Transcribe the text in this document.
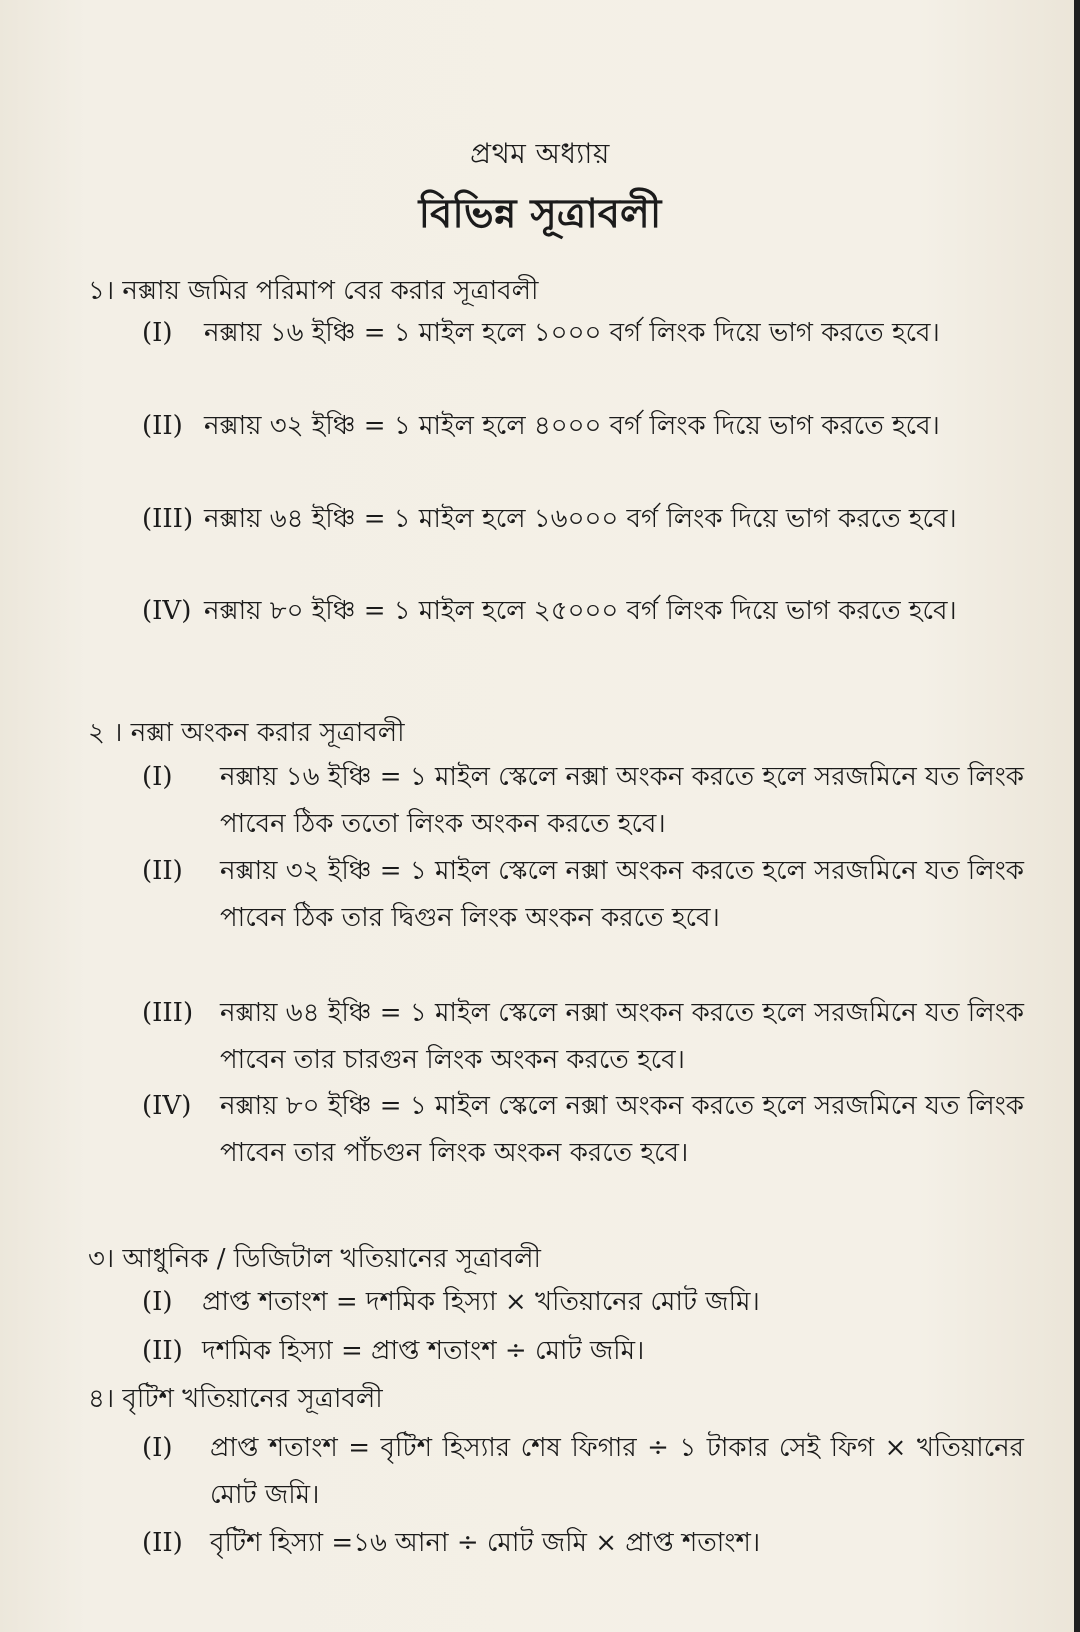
প্রথম অধ্যায়
বিভিন্ন সূত্রাবলী
১। নক্সায় জমির পরিমাপ বের করার সূত্রাবলী
(I)	নক্সায় ১৬ ইঞ্চি = ১ মাইল হলে ১০০০ বর্গ লিংক দিয়ে ভাগ করতে হবে।
(II) নক্সায় ৩২ ইঞ্চি = ১ মাইল হলে ৪০০০ বর্গ লিংক দিয়ে ভাগ করতে হবে।
(III) নক্সায় ৬৪ ইঞ্চি = ১ মাইল হলে ১৬০০০ বর্গ লিংক দিয়ে ভাগ করতে হবে।
(IV) নক্সায় ৮০ ইঞ্চি = ১ মাইল হলে ২৫০০০ বর্গ লিংক দিয়ে ভাগ করতে হবে।
২ । নক্সা অংকন করার সূত্রাবলী
(I)	নক্সায় ১৬ ইঞ্চি = ১ মাইল স্কেলে নক্সা অংকন করতে হলে সরজমিনে যত লিংক পাবেন ঠিক ততো লিংক অংকন করতে হবে।
(II)	নক্সায় ৩২ ইঞ্চি = ১ মাইল স্কেলে নক্সা অংকন করতে হলে সরজমিনে যত লিংক পাবেন ঠিক তার দ্বিগুন লিংক অংকন করতে হবে।
(III)	নক্সায় ৬৪ ইঞ্চি = ১ মাইল স্কেলে নক্সা অংকন করতে হলে সরজমিনে যত লিংক পাবেন তার চারগুন লিংক অংকন করতে হবে।
(IV)	নক্সায় ৮০ ইঞ্চি = ১ মাইল স্কেলে নক্সা অংকন করতে হলে সরজমিনে যত লিংক পাবেন তার পাঁচগুন লিংক অংকন করতে হবে।
৩। আধুনিক / ডিজিটাল খতিয়ানের সূত্রাবলী
(I)	প্রাপ্ত শতাংশ = দশমিক হিস্যা × খতিয়ানের মোট জমি।
(II) দশমিক হিস্যা = প্রাপ্ত শতাংশ ÷ মোট জমি।
৪। বৃটিশ খতিয়ানের সূত্রাবলী
(I)	প্রাপ্ত শতাংশ = বৃটিশ হিস্যার শেষ ফিগার ÷ ১ টাকার সেই ফিগ × খতিয়ানের মোট জমি।
(II)	বৃটিশ হিস্যা =১৬ আনা ÷ মোট জমি × প্রাপ্ত শতাংশ।
